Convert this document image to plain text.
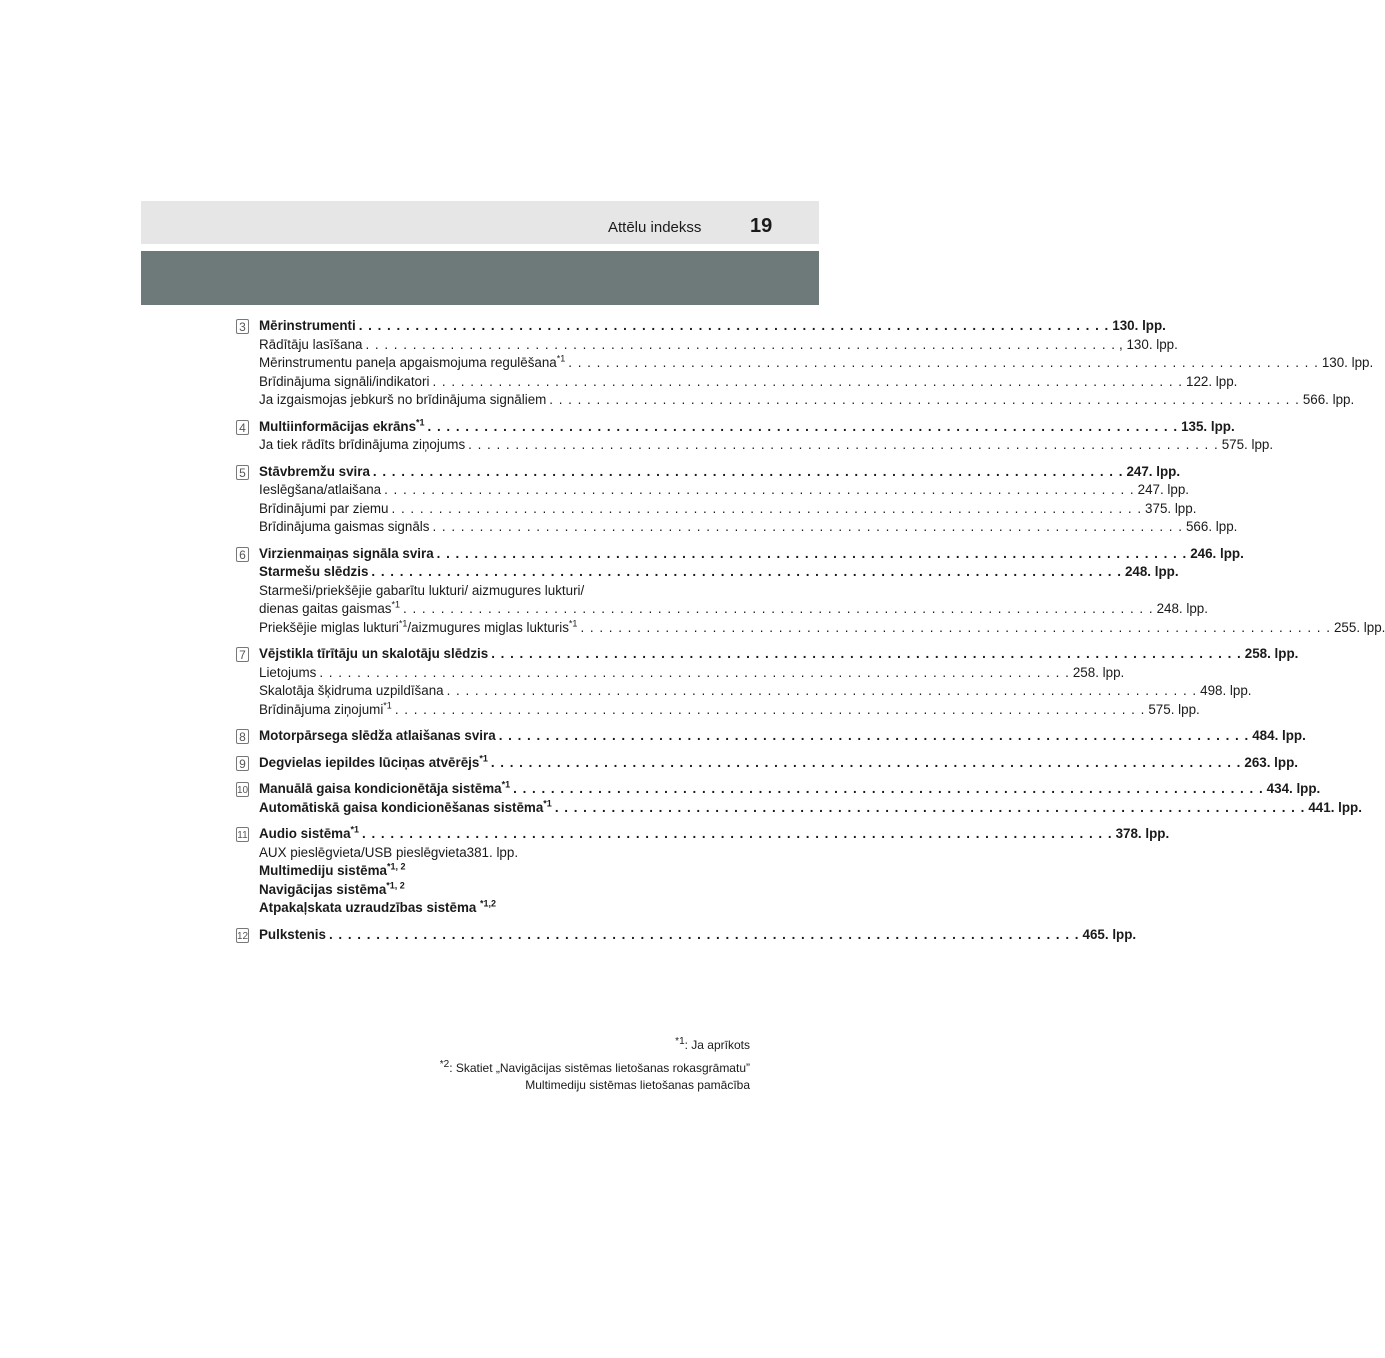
Attēlu indekss 19
3 Mērinstrumenti . . . . . . . . . . . . . . . . . . . . . . . . . . . . . . . . . . . . . . . . . . . . . . . . . . . . . . . . . . . . . . . . . . . . . . . . . . . . . . . . 130. lpp.
Rādītāju lasīšana . . . . . . . . . . . . . . . . . . . . . . . . . . . . . . . . . . . . . . . . . . . . . . . . . . . . . . . . . . . . . . . . . . . . . . . . . . . . . . . . , 130. lpp.
Mērinstrumentu paneļa apgaismojuma regulēšana$^{*1}$ . . . . . . . . . . . . . . . . . . . . . . . . . . . . . . . . . . . . . . . . . . . . . . . . . . . . . . . . . . . . . . . . . . . . . . . . . . . . . . . . 130. lpp.
Brīdinājuma signāli/indikatori . . . . . . . . . . . . . . . . . . . . . . . . . . . . . . . . . . . . . . . . . . . . . . . . . . . . . . . . . . . . . . . . . . . . . . . . . . . . . . . . 122. lpp.
Ja izgaismojas jebkurš no brīdinājuma signāliem . . . . . . . . . . . . . . . . . . . . . . . . . . . . . . . . . . . . . . . . . . . . . . . . . . . . . . . . . . . . . . . . . . . . . . . . . . . . . . . . 566. lpp.
4 Multiinformācijas ekrāns$^{*1}$ . . . . . . . . . . . . . . . . . . . . . . . . . . . . . . . . . . . . . . . . . . . . . . . . . . . . . . . . . . . . . . . . . . . . . . . . . . . . . . . . 135. lpp.
Ja tiek rādīts brīdinājuma ziņojums . . . . . . . . . . . . . . . . . . . . . . . . . . . . . . . . . . . . . . . . . . . . . . . . . . . . . . . . . . . . . . . . . . . . . . . . . . . . . . . . 575. lpp.
5 Stāvbremžu svira . . . . . . . . . . . . . . . . . . . . . . . . . . . . . . . . . . . . . . . . . . . . . . . . . . . . . . . . . . . . . . . . . . . . . . . . . . . . . . . . 247. lpp.
Ieslēgšana/atlaišana . . . . . . . . . . . . . . . . . . . . . . . . . . . . . . . . . . . . . . . . . . . . . . . . . . . . . . . . . . . . . . . . . . . . . . . . . . . . . . . . 247. lpp.
Brīdinājumi par ziemu . . . . . . . . . . . . . . . . . . . . . . . . . . . . . . . . . . . . . . . . . . . . . . . . . . . . . . . . . . . . . . . . . . . . . . . . . . . . . . . . 375. lpp.
Brīdinājuma gaismas signāls . . . . . . . . . . . . . . . . . . . . . . . . . . . . . . . . . . . . . . . . . . . . . . . . . . . . . . . . . . . . . . . . . . . . . . . . . . . . . . . . 566. lpp.
6 Virzienmaiņas signāla svira . . . . . . . . . . . . . . . . . . . . . . . . . . . . . . . . . . . . . . . . . . . . . . . . . . . . . . . . . . . . . . . . . . . . . . . . . . . . . . . . 246. lpp.
Starmešu slēdzis . . . . . . . . . . . . . . . . . . . . . . . . . . . . . . . . . . . . . . . . . . . . . . . . . . . . . . . . . . . . . . . . . . . . . . . . . . . . . . . . 248. lpp.
Starmeši/priekšējie gabarītu lukturi/ aizmugures lukturi/
dienas gaitas gaismas$^{*1}$ . . . . . . . . . . . . . . . . . . . . . . . . . . . . . . . . . . . . . . . . . . . . . . . . . . . . . . . . . . . . . . . . . . . . . . . . . . . . . . . . 248. lpp.
Priekšējie miglas lukturi$^{*1}$/aizmugures miglas lukturis$^{*1}$ . . . . . . . . . . . . . . . . . . . . . . . . . . . . . . . . . . . . . . . . . . . . . . . . . . . . . . . . . . . . . . . . . . . . . . . . . . . . . . . . 255. lpp.
7 Vējstikla tīrītāju un skalotāju slēdzis . . . . . . . . . . . . . . . . . . . . . . . . . . . . . . . . . . . . . . . . . . . . . . . . . . . . . . . . . . . . . . . . . . . . . . . . . . . . . . . . 258. lpp.
Lietojums . . . . . . . . . . . . . . . . . . . . . . . . . . . . . . . . . . . . . . . . . . . . . . . . . . . . . . . . . . . . . . . . . . . . . . . . . . . . . . . . 258. lpp.
Skalotāja šķidruma uzpildīšana . . . . . . . . . . . . . . . . . . . . . . . . . . . . . . . . . . . . . . . . . . . . . . . . . . . . . . . . . . . . . . . . . . . . . . . . . . . . . . . . 498. lpp.
Brīdinājuma ziņojumi$^{*1}$ . . . . . . . . . . . . . . . . . . . . . . . . . . . . . . . . . . . . . . . . . . . . . . . . . . . . . . . . . . . . . . . . . . . . . . . . . . . . . . . . 575. lpp.
8 Motorpārsega slēdža atlaišanas svira . . . . . . . . . . . . . . . . . . . . . . . . . . . . . . . . . . . . . . . . . . . . . . . . . . . . . . . . . . . . . . . . . . . . . . . . . . . . . . . . 484. lpp.
9 Degvielas iepildes lūciņas atvērējs$^{*1}$ . . . . . . . . . . . . . . . . . . . . . . . . . . . . . . . . . . . . . . . . . . . . . . . . . . . . . . . . . . . . . . . . . . . . . . . . . . . . . . . . 263. lpp.
10 Manuālā gaisa kondicionētāja sistēma$^{*1}$ . . . . . . . . . . . . . . . . . . . . . . . . . . . . . . . . . . . . . . . . . . . . . . . . . . . . . . . . . . . . . . . . . . . . . . . . . . . . . . . . 434. lpp.
Automātiskā gaisa kondicionēšanas sistēma$^{*1}$ . . . . . . . . . . . . . . . . . . . . . . . . . . . . . . . . . . . . . . . . . . . . . . . . . . . . . . . . . . . . . . . . . . . . . . . . . . . . . . . . 441. lpp.
11 Audio sistēma$^{*1}$ . . . . . . . . . . . . . . . . . . . . . . . . . . . . . . . . . . . . . . . . . . . . . . . . . . . . . . . . . . . . . . . . . . . . . . . . . . . . . . . . 378. lpp.
AUX pieslēgvieta/USB pieslēgvieta381. lpp.
Multimediju sistēma$^{*1, 2}$
Navigācijas sistēma$^{*1, 2}$
Atpakaļskata uzraudzības sistēma $^{*1,2}$
12 Pulkstenis . . . . . . . . . . . . . . . . . . . . . . . . . . . . . . . . . . . . . . . . . . . . . . . . . . . . . . . . . . . . . . . . . . . . . . . . . . . . . . . . 465. lpp.
$^{*1}$: Ja aprīkots
$^{*2}$: Skatiet „Navigācijas sistēmas lietošanas rokasgrāmatu”
Multimediju sistēmas lietošanas pamācība
